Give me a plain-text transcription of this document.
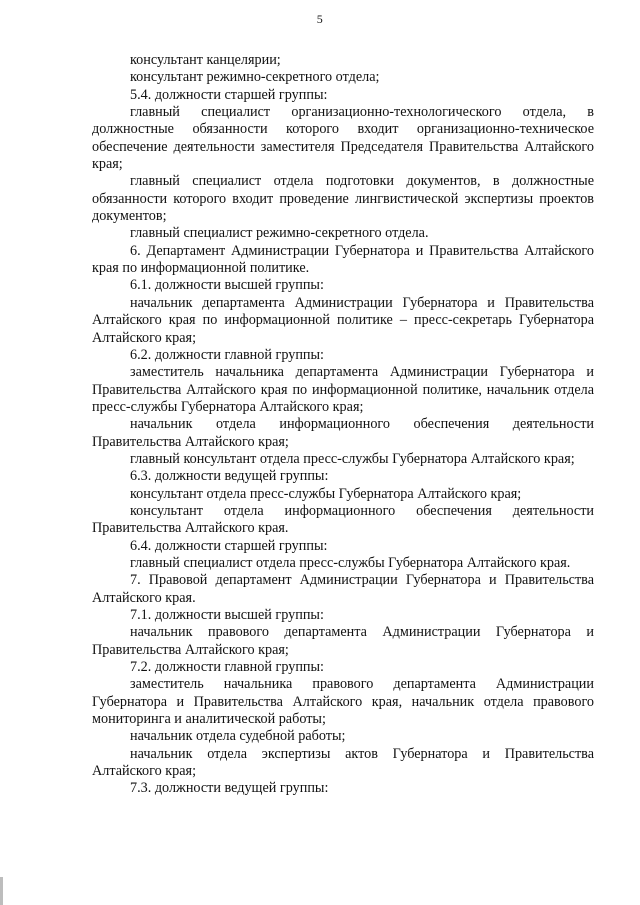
5

консультант канцелярии;

консультант режимно-секретного отдела;

5.4. должности старшей группы:

главный специалист организационно-технологического отдела, в должностные обязанности которого входит организационно-техническое обеспечение деятельности заместителя Председателя Правительства Алтайского края;

главный специалист отдела подготовки документов, в должностные обязанности которого входит проведение лингвистической экспертизы проектов документов;

главный специалист режимно-секретного отдела.

6. Департамент Администрации Губернатора и Правительства Алтайского края по информационной политике.

6.1. должности высшей группы:

начальник департамента Администрации Губернатора и Правительства Алтайского края по информационной политике – пресс-секретарь Губернатора Алтайского края;

6.2. должности главной группы:

заместитель начальника департамента Администрации Губернатора и Правительства Алтайского края по информационной политике, начальник отдела пресс-службы Губернатора Алтайского края;

начальник отдела информационного обеспечения деятельности Правительства Алтайского края;

главный консультант отдела пресс-службы Губернатора Алтайского края;

6.3. должности ведущей группы:

консультант отдела пресс-службы Губернатора Алтайского края;

консультант отдела информационного обеспечения деятельности Правительства Алтайского края.

6.4. должности старшей группы:

главный специалист отдела пресс-службы Губернатора Алтайского края.

7. Правовой департамент Администрации Губернатора и Правительства Алтайского края.

7.1. должности высшей группы:

начальник правового департамента Администрации Губернатора и Правительства Алтайского края;

7.2. должности главной группы:

заместитель начальника правового департамента Администрации Губернатора и Правительства Алтайского края, начальник отдела правового мониторинга и аналитической работы;

начальник отдела судебной работы;

начальник отдела экспертизы актов Губернатора и Правительства Алтайского края;

7.3. должности ведущей группы:
